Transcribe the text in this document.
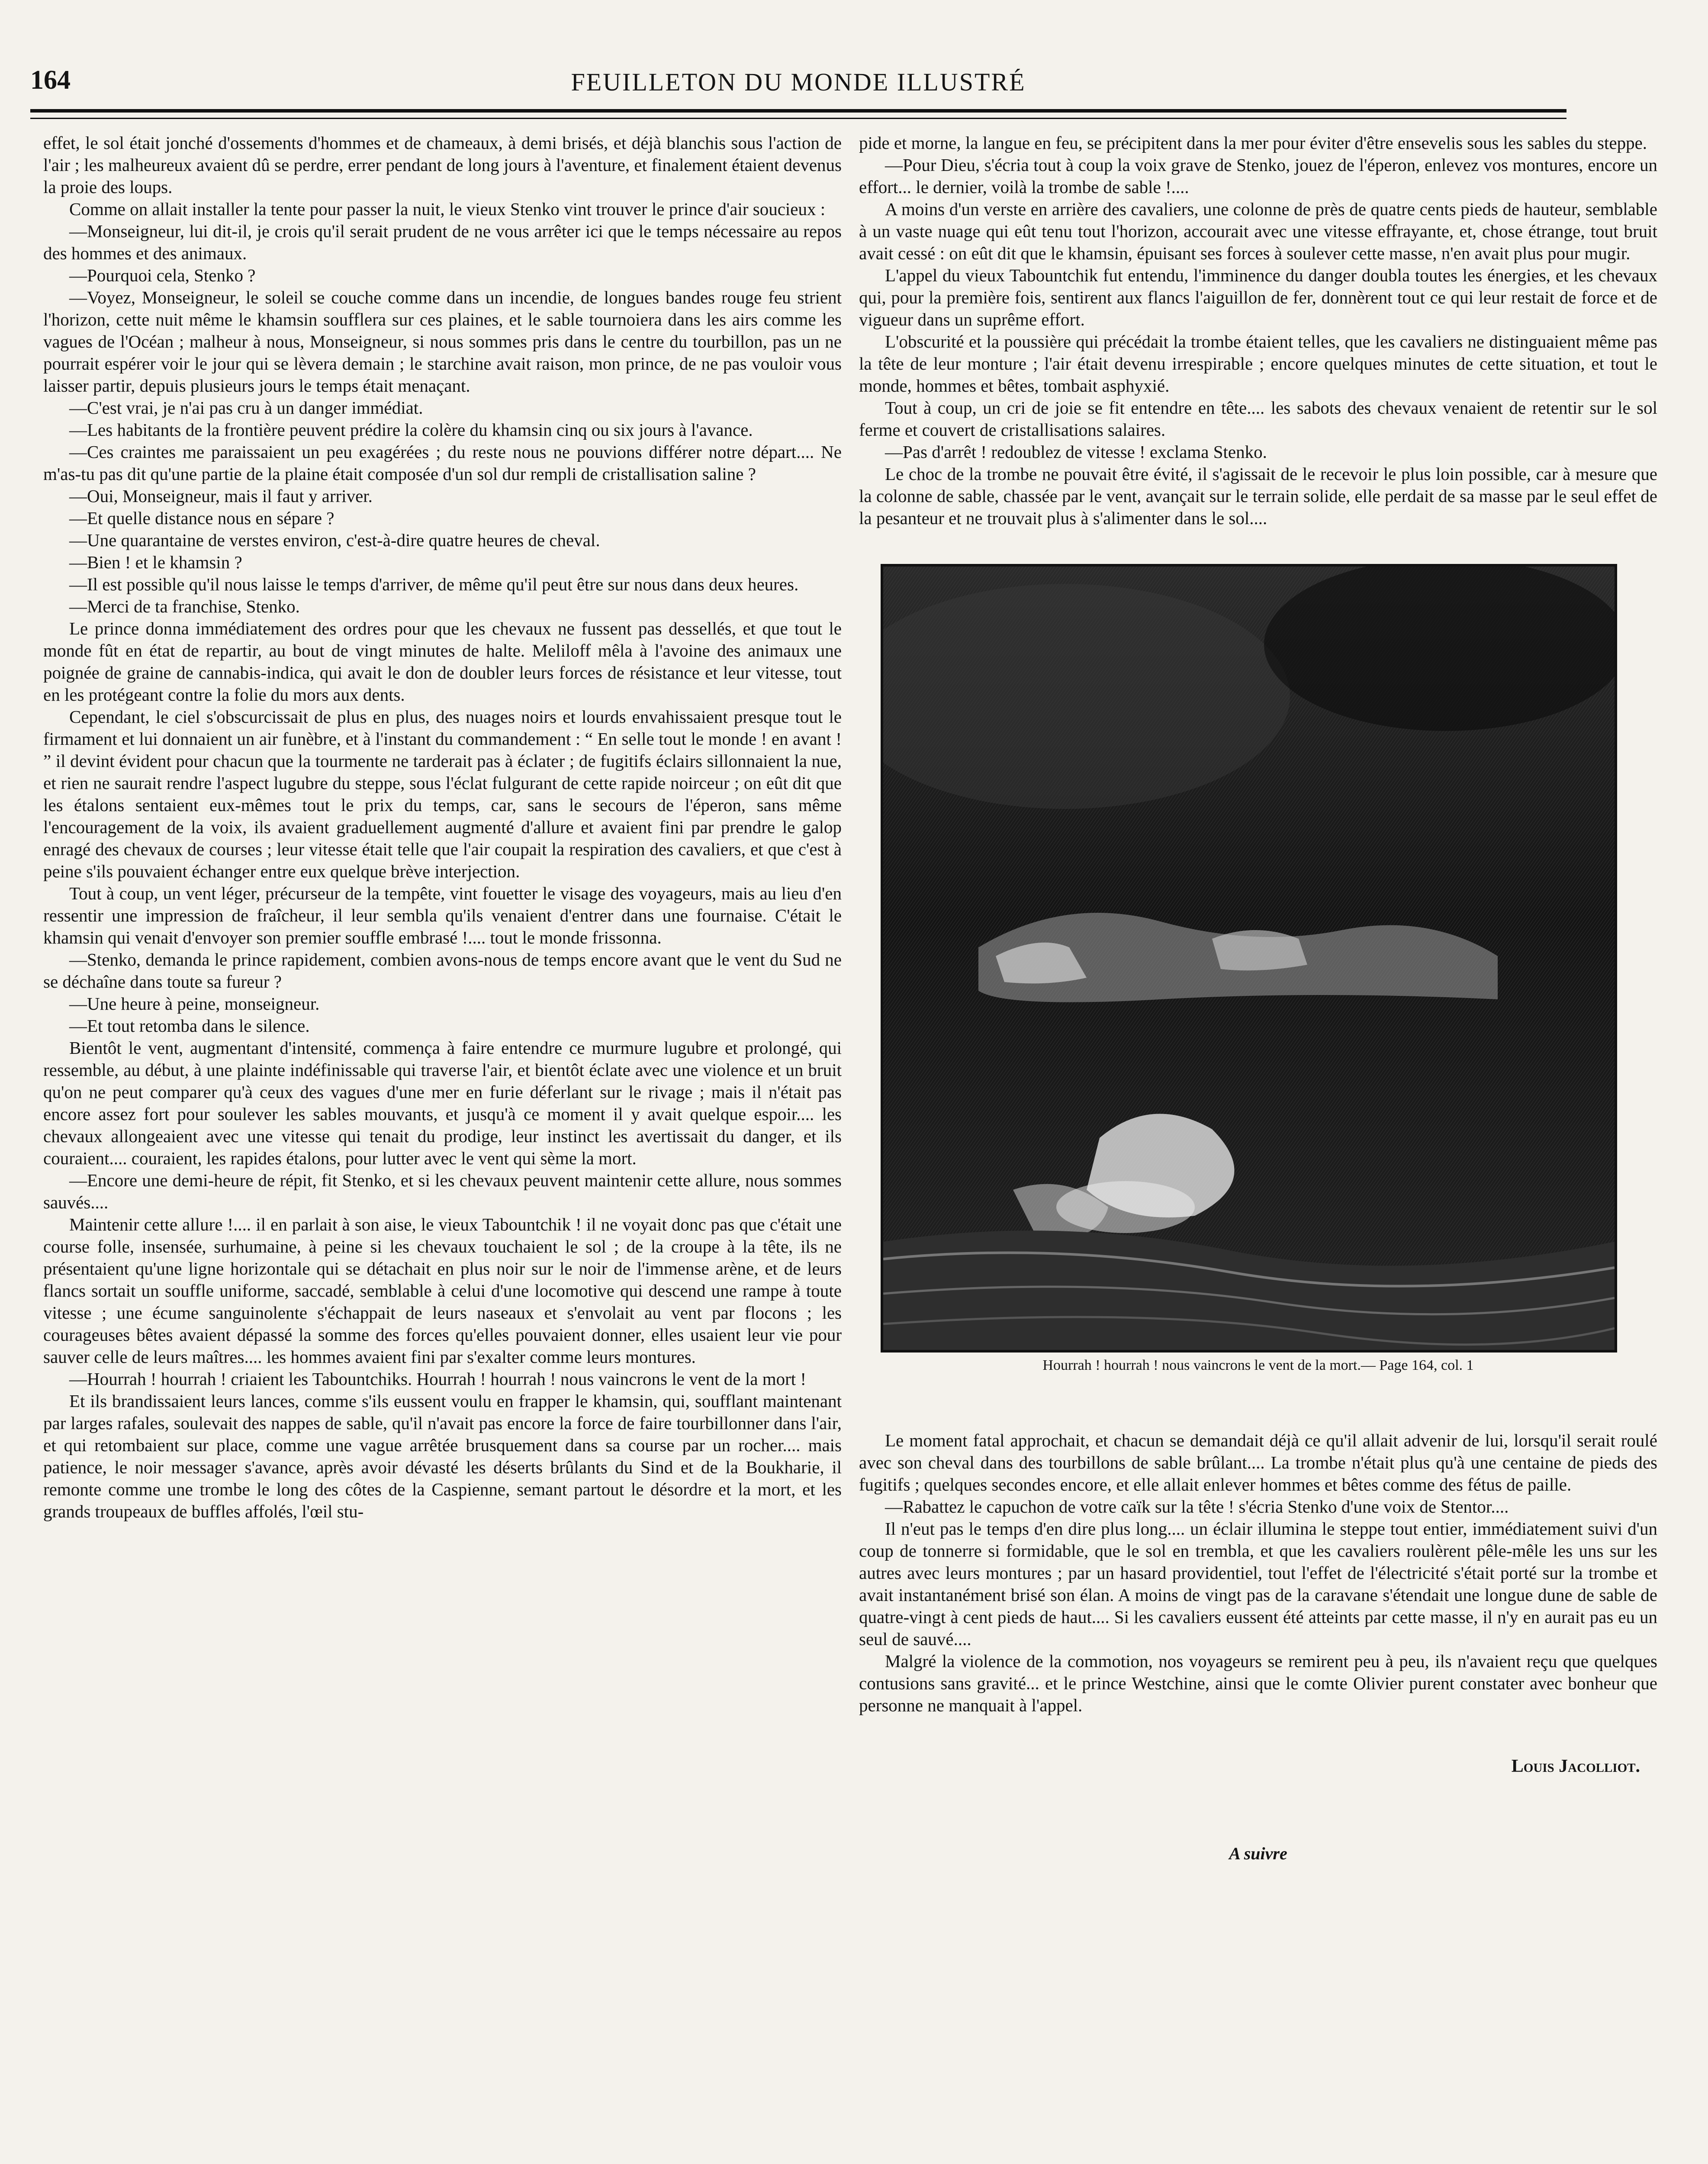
164	FEUILLETON DU MONDE ILLUSTRÉ

effet, le sol était jonché d'ossements d'hommes et de chameaux, à demi brisés, et déjà blanchis sous l'action de l'air ; les malheureux avaient dû se perdre, errer pendant de long jours à l'aventure, et finalement étaient devenus la proie des loups.

Comme on allait installer la tente pour passer la nuit, le vieux Stenko vint trouver le prince d'air soucieux :

—Monseigneur, lui dit-il, je crois qu'il serait prudent de ne vous arrêter ici que le temps nécessaire au repos des hommes et des animaux.

—Pourquoi cela, Stenko ?

—Voyez, Monseigneur, le soleil se couche comme dans un incendie, de longues bandes rouge feu strient l'horizon, cette nuit même le khamsin soufflera sur ces plaines, et le sable tournoiera dans les airs comme les vagues de l'Océan ; malheur à nous, Monseigneur, si nous sommes pris dans le centre du tourbillon, pas un ne pourrait espérer voir le jour qui se lèvera demain ; le starchine avait raison, mon prince, de ne pas vouloir vous laisser partir, depuis plusieurs jours le temps était menaçant.

—C'est vrai, je n'ai pas cru à un danger immédiat.

—Les habitants de la frontière peuvent prédire la colère du khamsin cinq ou six jours à l'avance.

—Ces craintes me paraissaient un peu exagérées ; du reste nous ne pouvions différer notre départ.... Ne m'as-tu pas dit qu'une partie de la plaine était composée d'un sol dur rempli de cristallisation saline ?

—Oui, Monseigneur, mais il faut y arriver.

—Et quelle distance nous en sépare ?

—Une quarantaine de verstes environ, c'est-à-dire quatre heures de cheval.

—Bien ! et le khamsin ?

—Il est possible qu'il nous laisse le temps d'arriver, de même qu'il peut être sur nous dans deux heures.

—Merci de ta franchise, Stenko.

Le prince donna immédiatement des ordres pour que les chevaux ne fussent pas dessellés, et que tout le monde fût en état de repartir, au bout de vingt minutes de halte. Meliloff mêla à l'avoine des animaux une poignée de graine de cannabis-indica, qui avait le don de doubler leurs forces de résistance et leur vitesse, tout en les protégeant contre la folie du mors aux dents.

Cependant, le ciel s'obscurcissait de plus en plus, des nuages noirs et lourds envahissaient presque tout le firmament et lui donnaient un air funèbre, et à l'instant du commandement : “ En selle tout le monde ! en avant ! ” il devint évident pour chacun que la tourmente ne tarderait pas à éclater ; de fugitifs éclairs sillonnaient la nue, et rien ne saurait rendre l'aspect lugubre du steppe, sous l'éclat fulgurant de cette rapide noirceur ; on eût dit que les étalons sentaient eux-mêmes tout le prix du temps, car, sans le secours de l'éperon, sans même l'encouragement de la voix, ils avaient graduellement augmenté d'allure et avaient fini par prendre le galop enragé des chevaux de courses ; leur vitesse était telle que l'air coupait la respiration des cavaliers, et que c'est à peine s'ils pouvaient échanger entre eux quelque brève interjection.

Tout à coup, un vent léger, précurseur de la tempête, vint fouetter le visage des voyageurs, mais au lieu d'en ressentir une impression de fraîcheur, il leur sembla qu'ils venaient d'entrer dans une fournaise. C'était le khamsin qui venait d'envoyer son premier souffle embrasé !.... tout le monde frissonna.

—Stenko, demanda le prince rapidement, combien avons-nous de temps encore avant que le vent du Sud ne se déchaîne dans toute sa fureur ?

—Une heure à peine, monseigneur.

—Et tout retomba dans le silence.

Bientôt le vent, augmentant d'intensité, commença à faire entendre ce murmure lugubre et prolongé, qui ressemble, au début, à une plainte indéfinissable qui traverse l'air, et bientôt éclate avec une violence et un bruit qu'on ne peut comparer qu'à ceux des vagues d'une mer en furie déferlant sur le rivage ; mais il n'était pas encore assez fort pour soulever les sables mouvants, et jusqu'à ce moment il y avait quelque espoir.... les chevaux allongeaient avec une vitesse qui tenait du prodige, leur instinct les avertissait du danger, et ils couraient.... couraient, les rapides étalons, pour lutter avec le vent qui sème la mort.

—Encore une demi-heure de répit, fit Stenko, et si les chevaux peuvent maintenir cette allure, nous sommes sauvés....

Maintenir cette allure !.... il en parlait à son aise, le vieux Tabountchik ! il ne voyait donc pas que c'était une course folle, insensée, surhumaine, à peine si les chevaux touchaient le sol ; de la croupe à la tête, ils ne présentaient qu'une ligne horizontale qui se détachait en plus noir sur le noir de l'immense arène, et de leurs flancs sortait un souffle uniforme, saccadé, semblable à celui d'une locomotive qui descend une rampe à toute vitesse ; une écume sanguinolente s'échappait de leurs naseaux et s'envolait au vent par flocons ; les courageuses bêtes avaient dépassé la somme des forces qu'elles pouvaient donner, elles usaient leur vie pour sauver celle de leurs maîtres.... les hommes avaient fini par s'exalter comme leurs montures.

—Hourrah ! hourrah ! criaient les Tabountchiks. Hourrah ! hourrah ! nous vaincrons le vent de la mort !

Et ils brandissaient leurs lances, comme s'ils eussent voulu en frapper le khamsin, qui, soufflant maintenant par larges rafales, soulevait des nappes de sable, qu'il n'avait pas encore la force de faire tourbillonner dans l'air, et qui retombaient sur place, comme une vague arrêtée brusquement dans sa course par un rocher.... mais patience, le noir messager s'avance, après avoir dévasté les déserts brûlants du Sind et de la Boukharie, il remonte comme une trombe le long des côtes de la Caspienne, semant partout le désordre et la mort, et les grands troupeaux de buffles affolés, l'œil stu-

pide et morne, la langue en feu, se précipitent dans la mer pour éviter d'être ensevelis sous les sables du steppe.

—Pour Dieu, s'écria tout à coup la voix grave de Stenko, jouez de l'éperon, enlevez vos montures, encore un effort... le dernier, voilà la trombe de sable !....

A moins d'un verste en arrière des cavaliers, une colonne de près de quatre cents pieds de hauteur, semblable à un vaste nuage qui eût tenu tout l'horizon, accourait avec une vitesse effrayante, et, chose étrange, tout bruit avait cessé : on eût dit que le khamsin, épuisant ses forces à soulever cette masse, n'en avait plus pour mugir.

L'appel du vieux Tabountchik fut entendu, l'imminence du danger doubla toutes les énergies, et les chevaux qui, pour la première fois, sentirent aux flancs l'aiguillon de fer, donnèrent tout ce qui leur restait de force et de vigueur dans un suprême effort.

L'obscurité et la poussière qui précédait la trombe étaient telles, que les cavaliers ne distinguaient même pas la tête de leur monture ; l'air était devenu irrespirable ; encore quelques minutes de cette situation, et tout le monde, hommes et bêtes, tombait asphyxié.

Tout à coup, un cri de joie se fit entendre en tête.... les sabots des chevaux venaient de retentir sur le sol ferme et couvert de cristallisations salaires.

—Pas d'arrêt ! redoublez de vitesse ! exclama Stenko.

Le choc de la trombe ne pouvait être évité, il s'agissait de le recevoir le plus loin possible, car à mesure que la colonne de sable, chassée par le vent, avançait sur le terrain solide, elle perdait de sa masse par le seul effet de la pesanteur et ne trouvait plus à s'alimenter dans le sol....

Hourrah ! hourrah ! nous vaincrons le vent de la mort.— Page 164, col. 1

Le moment fatal approchait, et chacun se demandait déjà ce qu'il allait advenir de lui, lorsqu'il serait roulé avec son cheval dans des tourbillons de sable brûlant.... La trombe n'était plus qu'à une centaine de pieds des fugitifs ; quelques secondes encore, et elle allait enlever hommes et bêtes comme des fétus de paille.

—Rabattez le capuchon de votre caïk sur la tête ! s'écria Stenko d'une voix de Stentor....

Il n'eut pas le temps d'en dire plus long.... un éclair illumina le steppe tout entier, immédiatement suivi d'un coup de tonnerre si formidable, que le sol en trembla, et que les cavaliers roulèrent pêle-mêle les uns sur les autres avec leurs montures ; par un hasard providentiel, tout l'effet de l'électricité s'était porté sur la trombe et avait instantanément brisé son élan. A moins de vingt pas de la caravane s'étendait une longue dune de sable de quatre-vingt à cent pieds de haut.... Si les cavaliers eussent été atteints par cette masse, il n'y en aurait pas eu un seul de sauvé....

Malgré la violence de la commotion, nos voyageurs se remirent peu à peu, ils n'avaient reçu que quelques contusions sans gravité... et le prince Westchine, ainsi que le comte Olivier purent constater avec bonheur que personne ne manquait à l'appel.

Louis Jacolliot.
A suivre
